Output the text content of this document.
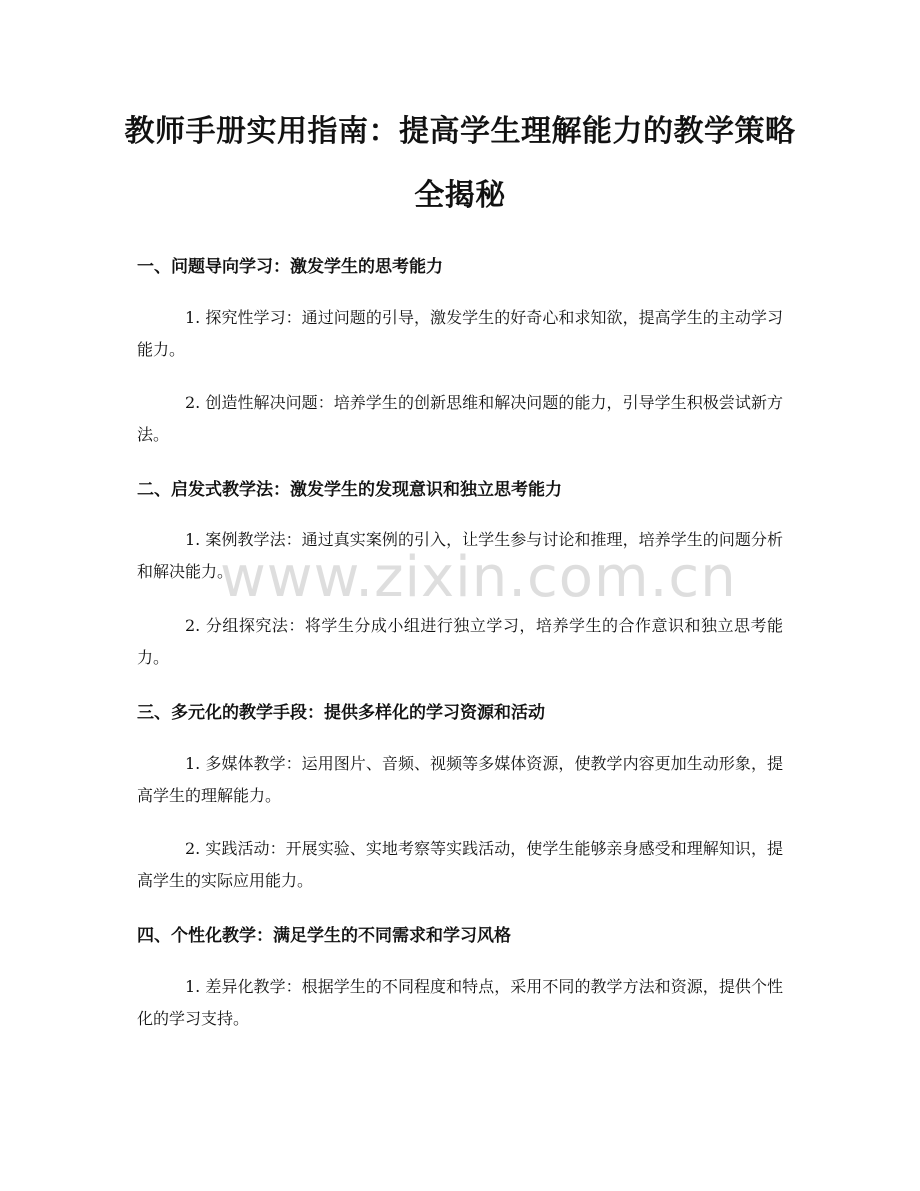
教师手册实用指南：提高学生理解能力的教学策略全揭秘
一、问题导向学习：激发学生的思考能力
1. 探究性学习：通过问题的引导，激发学生的好奇心和求知欲，提高学生的主动学习能力。
2. 创造性解决问题：培养学生的创新思维和解决问题的能力，引导学生积极尝试新方法。
二、启发式教学法：激发学生的发现意识和独立思考能力
1. 案例教学法：通过真实案例的引入，让学生参与讨论和推理，培养学生的问题分析和解决能力。
2. 分组探究法：将学生分成小组进行独立学习，培养学生的合作意识和独立思考能力。
三、多元化的教学手段：提供多样化的学习资源和活动
1. 多媒体教学：运用图片、音频、视频等多媒体资源，使教学内容更加生动形象，提高学生的理解能力。
2. 实践活动：开展实验、实地考察等实践活动，使学生能够亲身感受和理解知识，提高学生的实际应用能力。
四、个性化教学：满足学生的不同需求和学习风格
1. 差异化教学：根据学生的不同程度和特点，采用不同的教学方法和资源，提供个性化的学习支持。
www.zixin.com.cn
